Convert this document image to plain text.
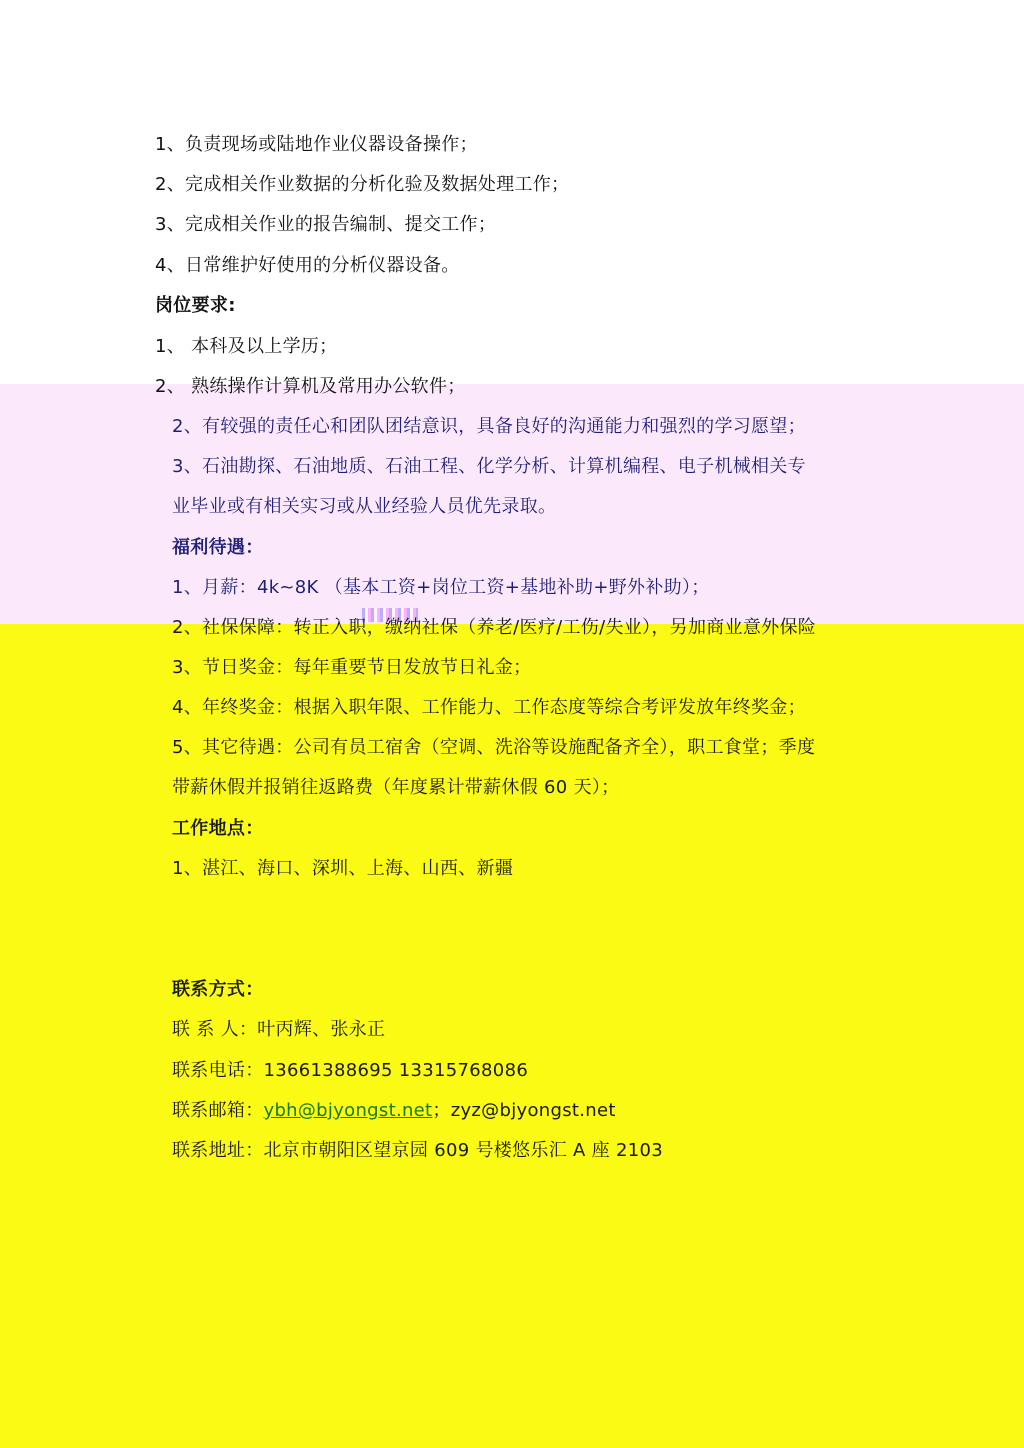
1、负责现场或陆地作业仪器设备操作；
2、完成相关作业数据的分析化验及数据处理工作；
3、完成相关作业的报告编制、提交工作；
4、日常维护好使用的分析仪器设备。
岗位要求:
1、 本科及以上学历；
2、 熟练操作计算机及常用办公软件；
2、有较强的责任心和团队团结意识，具备良好的沟通能力和强烈的学习愿望；
3、石油勘探、石油地质、石油工程、化学分析、计算机编程、电子机械相关专
业毕业或有相关实习或从业经验人员优先录取。
福利待遇：
1、月薪：4k~8K （基本工资+岗位工资+基地补助+野外补助）；
2、社保保障：转正入职，缴纳社保（养老/医疗/工伤/失业），另加商业意外保险
3、节日奖金：每年重要节日发放节日礼金；
4、年终奖金：根据入职年限、工作能力、工作态度等综合考评发放年终奖金；
5、其它待遇：公司有员工宿舍（空调、洗浴等设施配备齐全），职工食堂；季度
带薪休假并报销往返路费（年度累计带薪休假 60 天）；
工作地点：
1、湛江、海口、深圳、上海、山西、新疆
联系方式：
联 系 人：叶丙辉、张永正
联系电话：13661388695 13315768086
联系邮箱：ybh@bjyongst.net；zyz@bjyongst.net
联系地址：北京市朝阳区望京园 609 号楼悠乐汇 A 座 2103
